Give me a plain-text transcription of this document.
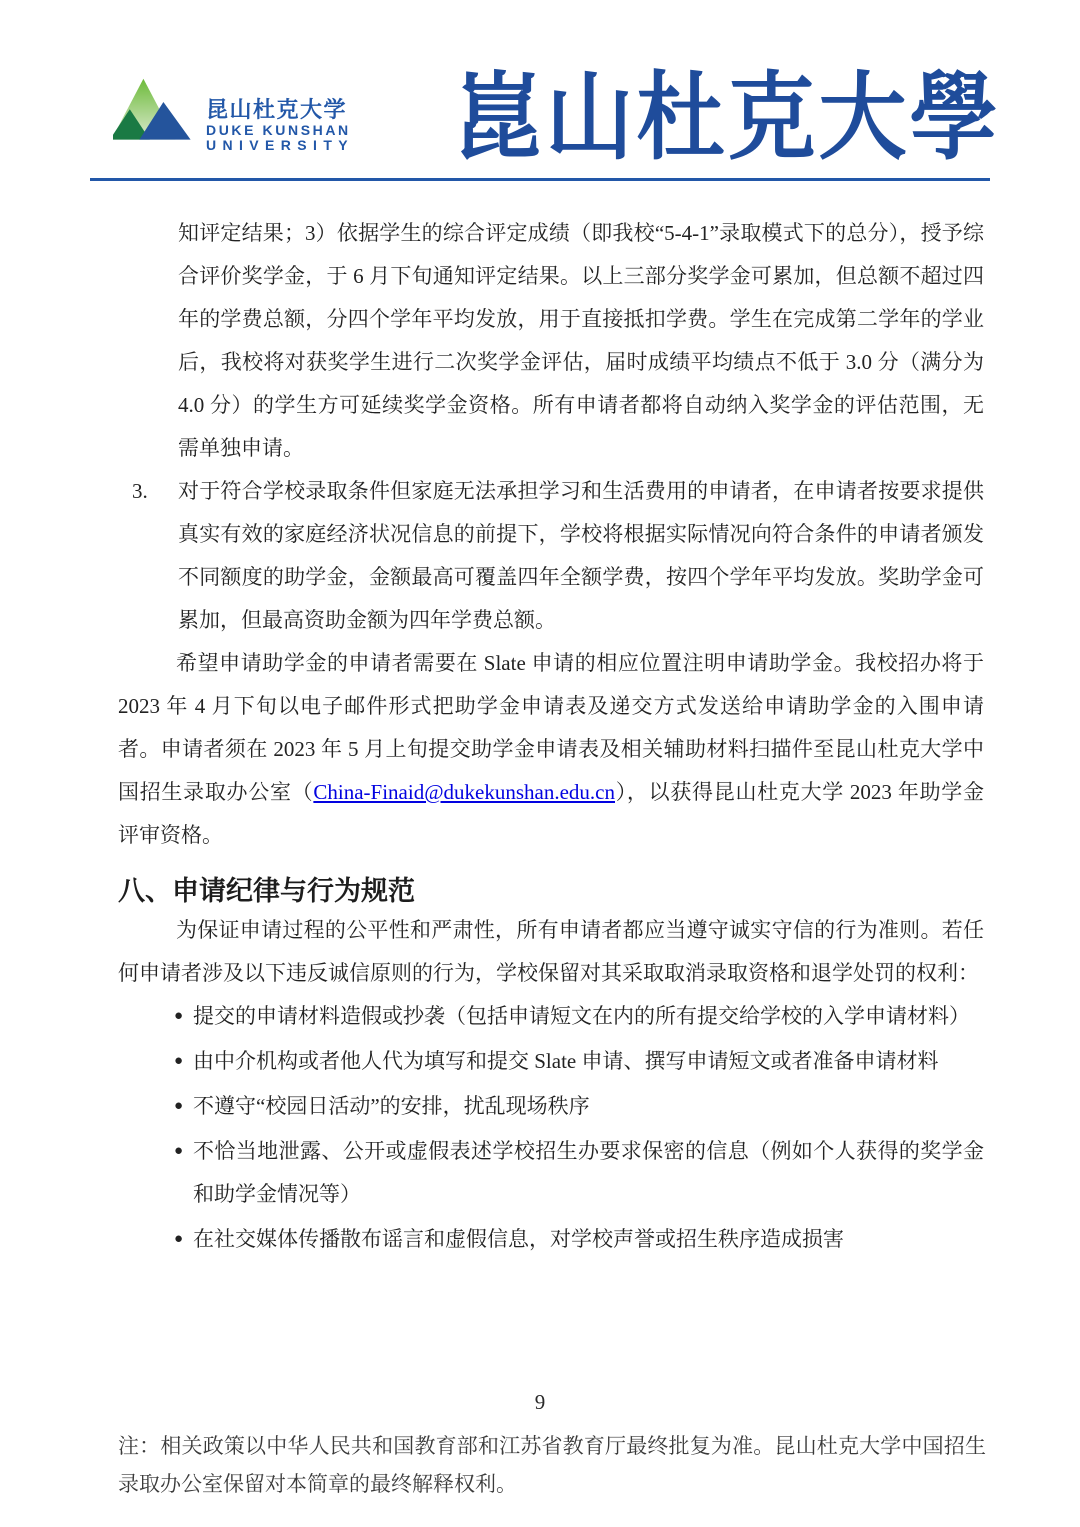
昆山杜克大学
DUKE KUNSHAN
UNIVERSITY 崑山杜克大學
知评定结果；3）依据学生的综合评定成绩（即我校“5-4-1”录取模式下的总分），授予综合评价奖学金，于 6 月下旬通知评定结果。以上三部分奖学金可累加，但总额不超过四年的学费总额，分四个学年平均发放，用于直接抵扣学费。学生在完成第二学年的学业后，我校将对获奖学生进行二次奖学金评估，届时成绩平均绩点不低于 3.0 分（满分为 4.0 分）的学生方可延续奖学金资格。所有申请者都将自动纳入奖学金的评估范围，无需单独申请。
3. 对于符合学校录取条件但家庭无法承担学习和生活费用的申请者，在申请者按要求提供真实有效的家庭经济状况信息的前提下，学校将根据实际情况向符合条件的申请者颁发不同额度的助学金，金额最高可覆盖四年全额学费，按四个学年平均发放。奖助学金可累加，但最高资助金额为四年学费总额。
希望申请助学金的申请者需要在 Slate 申请的相应位置注明申请助学金。我校招办将于 2023 年 4 月下旬以电子邮件形式把助学金申请表及递交方式发送给申请助学金的入围申请者。申请者须在 2023 年 5 月上旬提交助学金申请表及相关辅助材料扫描件至昆山杜克大学中国招生录取办公室（China-Finaid@dukekunshan.edu.cn），以获得昆山杜克大学 2023 年助学金评审资格。
八、申请纪律与行为规范
为保证申请过程的公平性和严肃性，所有申请者都应当遵守诚实守信的行为准则。若任何申请者涉及以下违反诚信原则的行为，学校保留对其采取取消录取资格和退学处罚的权利：
● 提交的申请材料造假或抄袭（包括申请短文在内的所有提交给学校的入学申请材料）
● 由中介机构或者他人代为填写和提交 Slate 申请、撰写申请短文或者准备申请材料
● 不遵守“校园日活动”的安排，扰乱现场秩序
● 不恰当地泄露、公开或虚假表述学校招生办要求保密的信息（例如个人获得的奖学金和助学金情况等）
● 在社交媒体传播散布谣言和虚假信息，对学校声誉或招生秩序造成损害
9
注：相关政策以中华人民共和国教育部和江苏省教育厅最终批复为准。昆山杜克大学中国招生录取办公室保留对本简章的最终解释权利。
